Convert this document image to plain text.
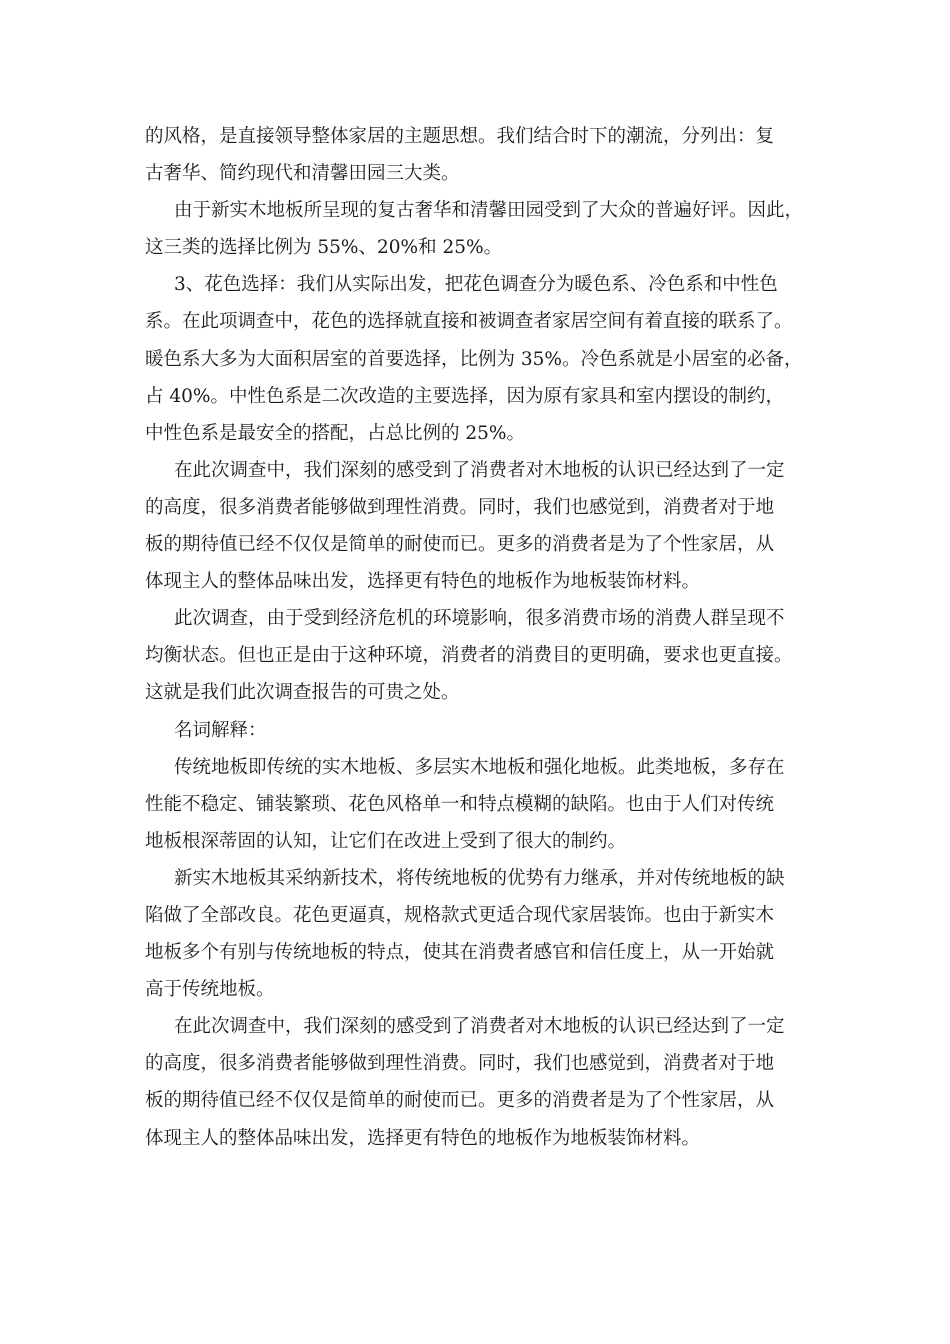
的风格，是直接领导整体家居的主题思想。我们结合时下的潮流，分列出：复
古奢华、简约现代和清馨田园三大类。
由于新实木地板所呈现的复古奢华和清馨田园受到了大众的普遍好评。因此，
这三类的选择比例为 55%、20%和 25%。
3、花色选择：我们从实际出发，把花色调查分为暖色系、冷色系和中性色
系。在此项调查中，花色的选择就直接和被调查者家居空间有着直接的联系了。
暖色系大多为大面积居室的首要选择，比例为 35%。冷色系就是小居室的必备，
占 40%。中性色系是二次改造的主要选择，因为原有家具和室内摆设的制约，
中性色系是最安全的搭配，占总比例的 25%。
在此次调查中，我们深刻的感受到了消费者对木地板的认识已经达到了一定
的高度，很多消费者能够做到理性消费。同时，我们也感觉到，消费者对于地
板的期待值已经不仅仅是简单的耐使而已。更多的消费者是为了个性家居，从
体现主人的整体品味出发，选择更有特色的地板作为地板装饰材料。
此次调查，由于受到经济危机的环境影响，很多消费市场的消费人群呈现不
均衡状态。但也正是由于这种环境，消费者的消费目的更明确，要求也更直接。
这就是我们此次调查报告的可贵之处。
名词解释：
传统地板即传统的实木地板、多层实木地板和强化地板。此类地板，多存在
性能不稳定、铺装繁琐、花色风格单一和特点模糊的缺陷。也由于人们对传统
地板根深蒂固的认知，让它们在改进上受到了很大的制约。
新实木地板其采纳新技术，将传统地板的优势有力继承，并对传统地板的缺
陷做了全部改良。花色更逼真，规格款式更适合现代家居装饰。也由于新实木
地板多个有别与传统地板的特点，使其在消费者感官和信任度上，从一开始就
高于传统地板。
在此次调查中，我们深刻的感受到了消费者对木地板的认识已经达到了一定
的高度，很多消费者能够做到理性消费。同时，我们也感觉到，消费者对于地
板的期待值已经不仅仅是简单的耐使而已。更多的消费者是为了个性家居，从
体现主人的整体品味出发，选择更有特色的地板作为地板装饰材料。
